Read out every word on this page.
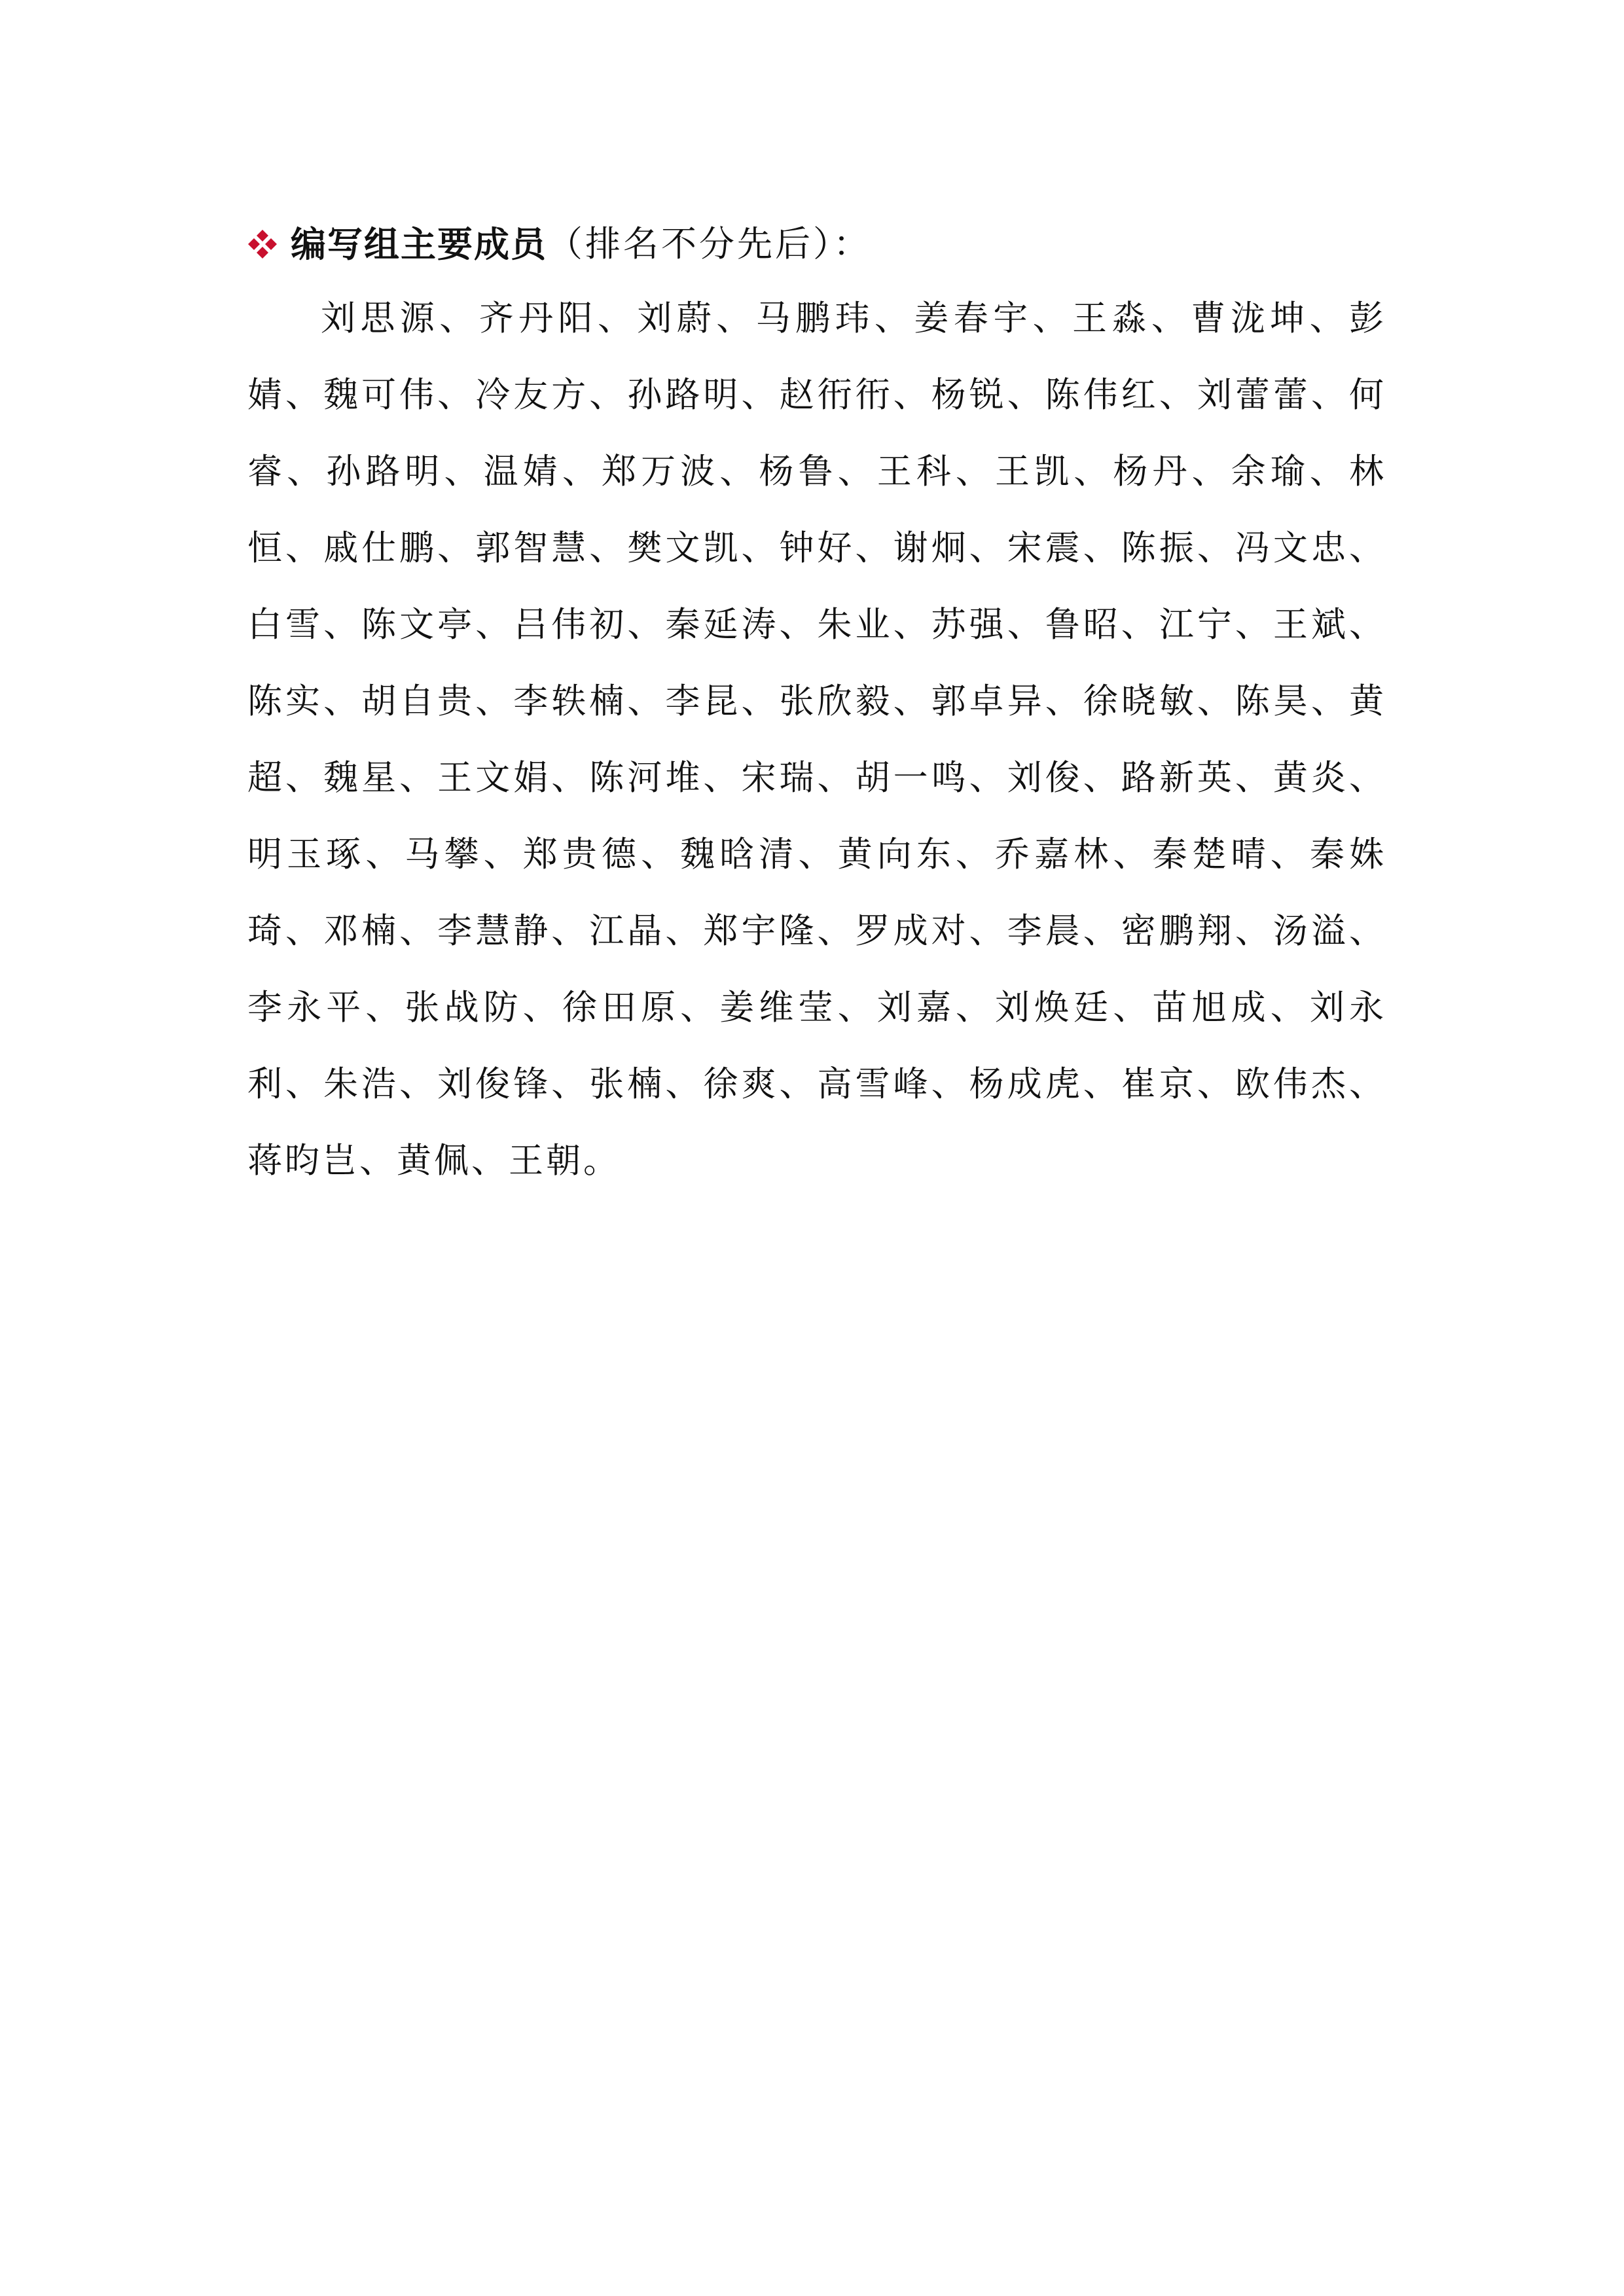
编写组主要成员 （排名不分先后）：

刘思源、齐丹阳、刘蔚、马鹏玮、姜春宇、王淼、曹泷坤、彭婧、魏可伟、冷友方、孙路明、赵衎衎、杨锐、陈伟红、刘蕾蕾、何睿、孙路明、温婧、郑万波、杨鲁、王科、王凯、杨丹、余瑜、林恒、戚仕鹏、郭智慧、樊文凯、钟好、谢炯、宋震、陈振、冯文忠、白雪、陈文亭、吕伟初、秦延涛、朱业、苏强、鲁昭、江宁、王斌、陈实、胡自贵、李轶楠、李昆、张欣毅、郭卓异、徐晓敏、陈昊、黄超、魏星、王文娟、陈河堆、宋瑞、胡一鸣、刘俊、路新英、黄炎、明玉琢、马攀、郑贵德、魏晗清、黄向东、乔嘉林、秦楚晴、秦姝琦、邓楠、李慧静、江晶、郑宇隆、罗成对、李晨、密鹏翔、汤溢、李永平、张战防、徐田原、姜维莹、刘嘉、刘焕廷、苗旭成、刘永利、朱浩、刘俊锋、张楠、徐爽、高雪峰、杨成虎、崔京、欧伟杰、蒋昀岂、黄佩、王朝。
